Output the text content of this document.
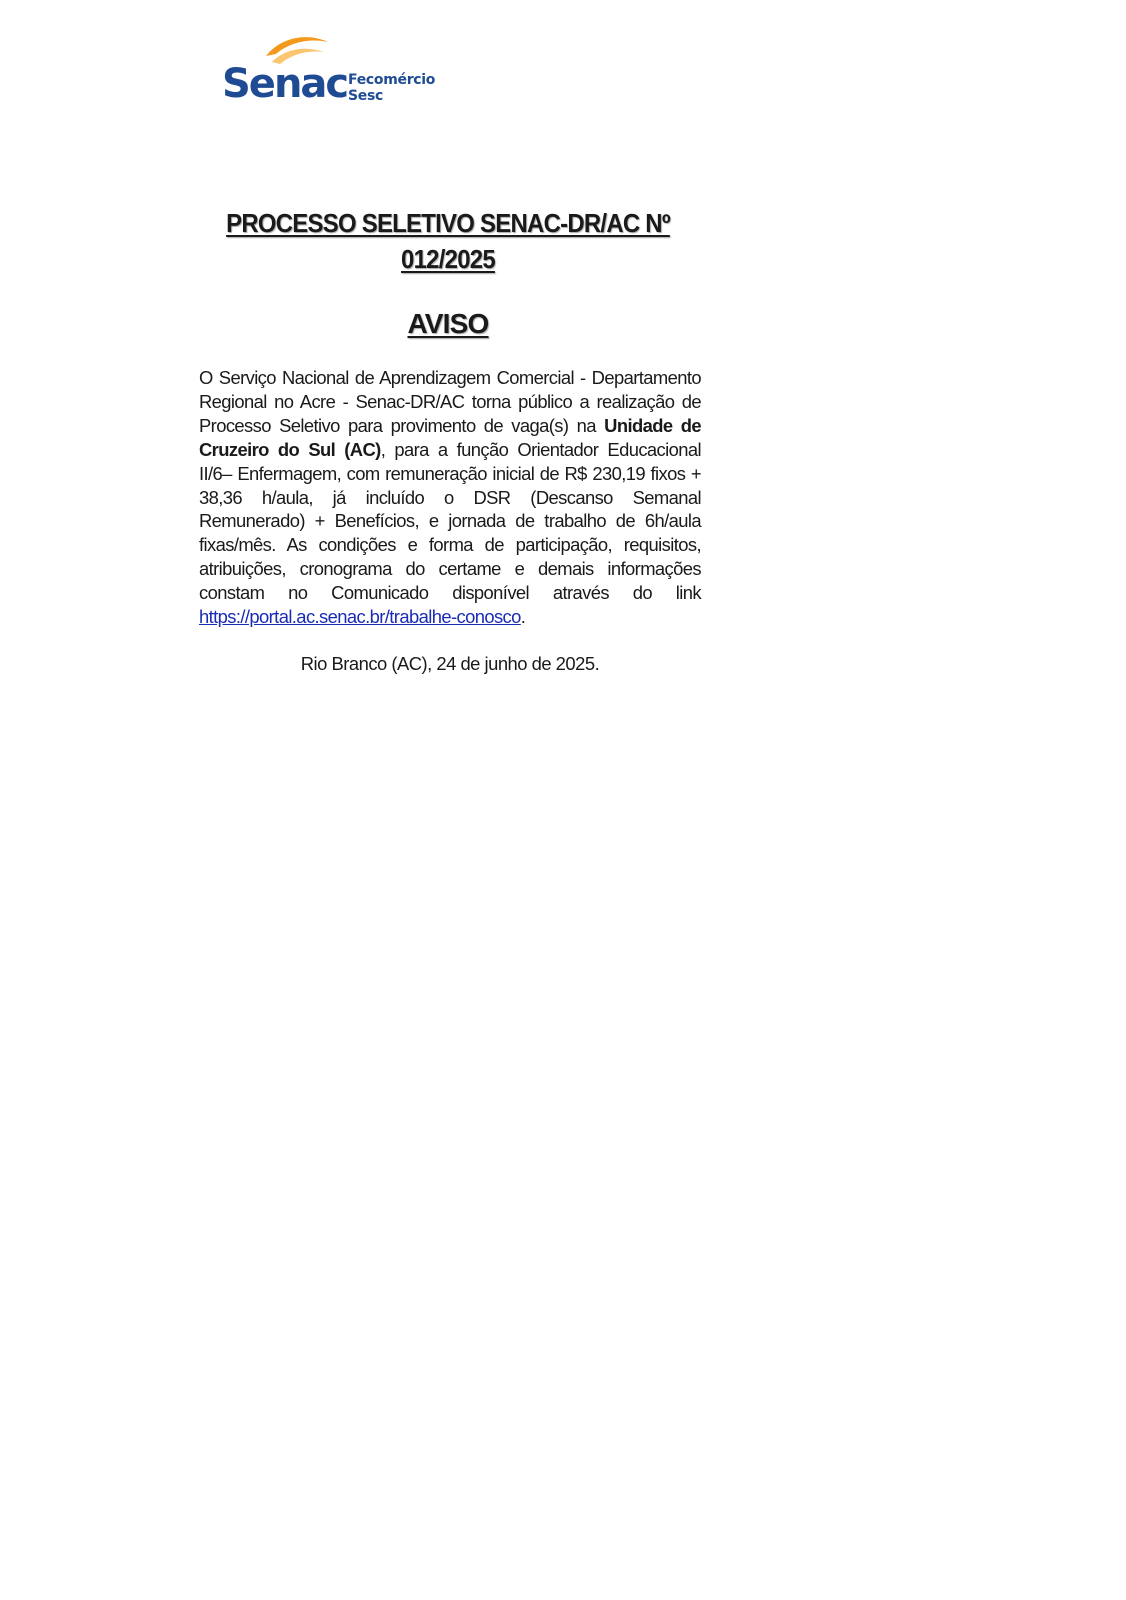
Senac Fecomércio
Sesc
PROCESSO SELETIVO SENAC-DR/AC Nº
012/2025
AVISO
O Serviço Nacional de Aprendizagem Comercial - Departamento Regional no Acre - Senac-DR/AC torna público a realização de Processo Seletivo para provimento de vaga(s) na Unidade de Cruzeiro do Sul (AC), para a função Orientador Educacional II/6– Enfermagem, com remuneração inicial de R$ 230,19 fixos + 38,36 h/aula, já incluído o DSR (Descanso Semanal Remunerado) + Benefícios, e jornada de trabalho de 6h/aula fixas/mês. As condições e forma de participação, requisitos, atribuições, cronograma do certame e demais informações constam no Comunicado disponível através do link https://portal.ac.senac.br/trabalhe-conosco.
Rio Branco (AC), 24 de junho de 2025.
